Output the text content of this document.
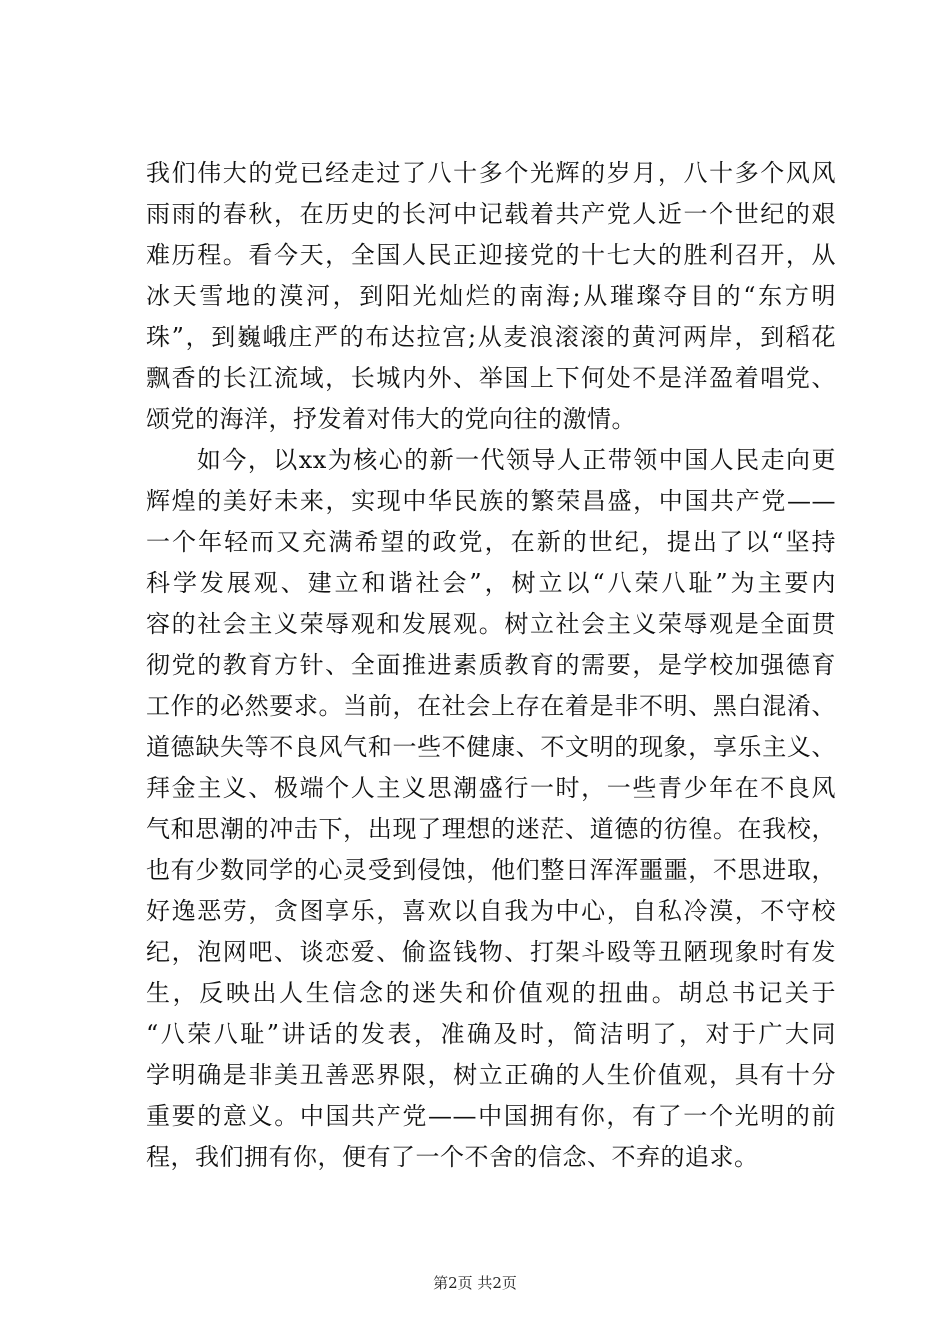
我们伟大的党已经走过了八十多个光辉的岁月，八十多个风风
雨雨的春秋，在历史的长河中记载着共产党人近一个世纪的艰
难历程。看今天，全国人民正迎接党的十七大的胜利召开，从
冰天雪地的漠河，到阳光灿烂的南海;从璀璨夺目的“东方明
珠”，到巍峨庄严的布达拉宫;从麦浪滚滚的黄河两岸，到稻花
飘香的长江流域，长城内外、举国上下何处不是洋盈着唱党、
颂党的海洋，抒发着对伟大的党向往的激情。
　　如今，以xx为核心的新一代领导人正带领中国人民走向更
辉煌的美好未来，实现中华民族的繁荣昌盛，中国共产党——
一个年轻而又充满希望的政党，在新的世纪，提出了以“坚持
科学发展观、建立和谐社会”，树立以“八荣八耻”为主要内
容的社会主义荣辱观和发展观。树立社会主义荣辱观是全面贯
彻党的教育方针、全面推进素质教育的需要，是学校加强德育
工作的必然要求。当前，在社会上存在着是非不明、黑白混淆、
道德缺失等不良风气和一些不健康、不文明的现象，享乐主义、
拜金主义、极端个人主义思潮盛行一时，一些青少年在不良风
气和思潮的冲击下，出现了理想的迷茫、道德的彷徨。在我校，
也有少数同学的心灵受到侵蚀，他们整日浑浑噩噩，不思进取，
好逸恶劳，贪图享乐，喜欢以自我为中心，自私冷漠，不守校
纪，泡网吧、谈恋爱、偷盗钱物、打架斗殴等丑陋现象时有发
生，反映出人生信念的迷失和价值观的扭曲。胡总书记关于
“八荣八耻”讲话的发表，准确及时，简洁明了，对于广大同
学明确是非美丑善恶界限，树立正确的人生价值观，具有十分
重要的意义。中国共产党——中国拥有你，有了一个光明的前
程，我们拥有你，便有了一个不舍的信念、不弃的追求。
第2页 共2页
